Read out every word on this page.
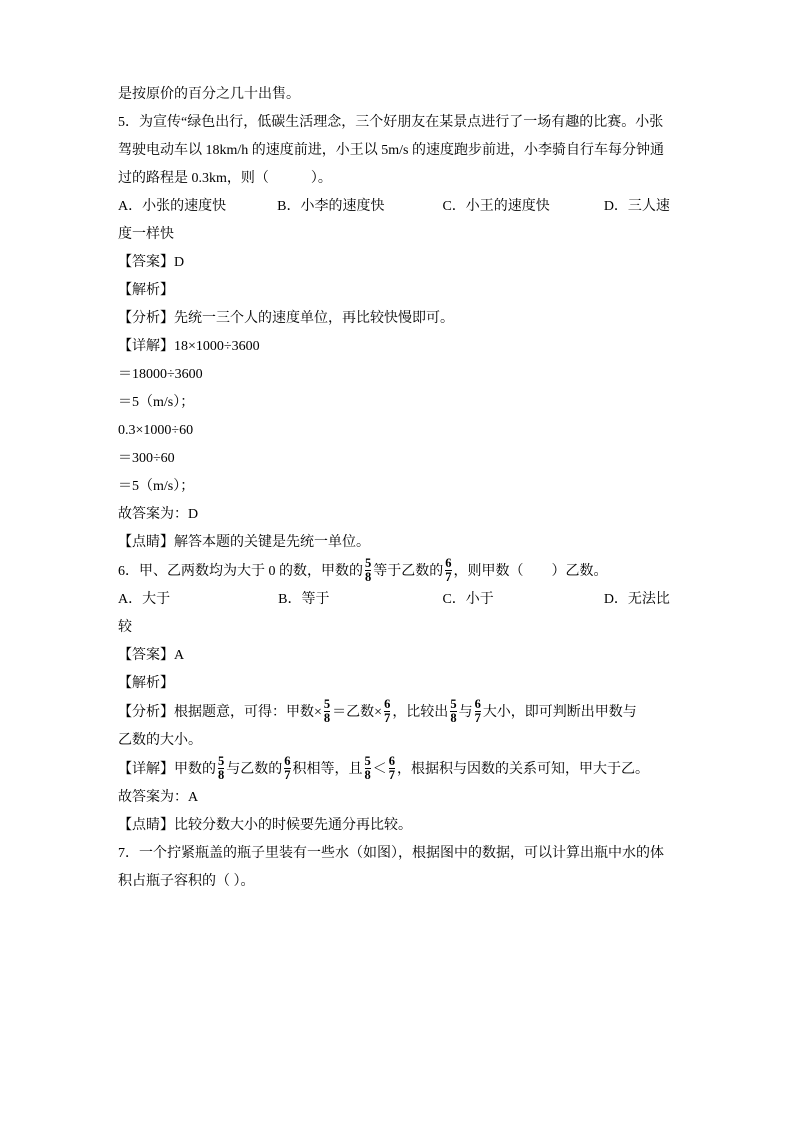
是按原价的百分之几十出售。

5．为宣传“绿色出行，低碳生活理念，三个好朋友在某景点进行了一场有趣的比赛。小张

驾驶电动车以 18km/h 的速度前进，小王以 5m/s 的速度跑步前进，小李骑自行车每分钟通

过的路程是 0.3km，则（　　　）。

A．小张的速度快	B．小李的速度快	C．小王的速度快	D．三人速度一样快

【答案】D

【解析】

【分析】先统一三个人的速度单位，再比较快慢即可。

【详解】18×1000÷3600

＝18000÷3600

＝5（m/s）；

0.3×1000÷60

＝300÷60

＝5（m/s）；

故答案为：D

【点睛】解答本题的关键是先统一单位。

6．甲、乙两数均为大于 0 的数，甲数的 $\frac{5}{8}$ 等于乙数的 $\frac{6}{7}$ ，则甲数（　　）乙数。

A．大于	B．等于	C．小于	D．无法比较

【答案】A

【解析】

【分析】根据题意，可得：甲数× $\frac{5}{8}$ ＝乙数× $\frac{6}{7}$ ，比较出 $\frac{5}{8}$ 与 $\frac{6}{7}$ 大小，即可判断出甲数与

乙数的大小。

【详解】甲数的 $\frac{5}{8}$ 与乙数的 $\frac{6}{7}$ 积相等，且 $\frac{5}{8} < \frac{6}{7}$ ，根据积与因数的关系可知，甲大于乙。

故答案为：A

【点睛】比较分数大小的时候要先通分再比较。

7．一个拧紧瓶盖的瓶子里装有一些水（如图），根据图中的数据，可以计算出瓶中水的体

积占瓶子容积的（ ）。
